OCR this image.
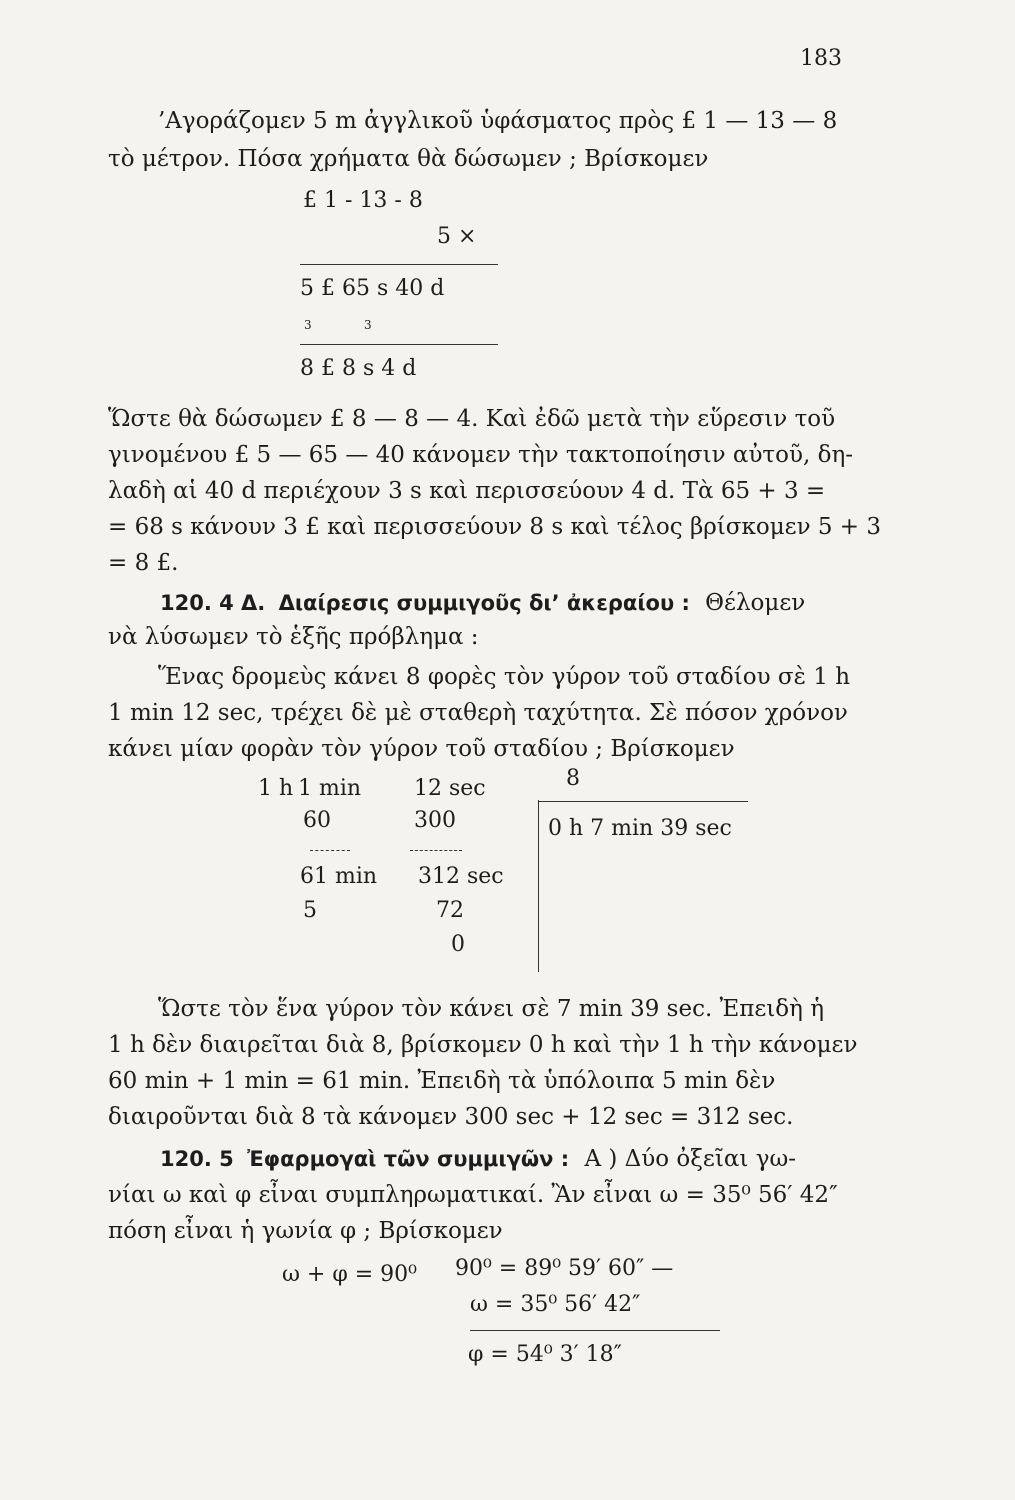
183
’Αγοράζομεν 5 m ἀγγλικοῦ ὑφάσματος πρὸς £ 1 — 13 — 8
τὸ μέτρον. Πόσα χρήματα θὰ δώσωμεν ; Βρίσκομεν
£ 1 - 13 - 8
5 ×
5 £ 65 s 40 d
3	3
8 £ 8 s 4 d
Ὥστε θὰ δώσωμεν £ 8 — 8 — 4. Καὶ ἐδῶ μετὰ τὴν εὕρεσιν τοῦ
γινομένου £ 5 — 65 — 40 κάνομεν τὴν τακτοποίησιν αὐτοῦ, δη-
λαδὴ αἱ 40 d περιέχουν 3 s καὶ περισσεύουν 4 d. Τὰ 65 + 3 =
= 68 s κάνουν 3 £ καὶ περισσεύουν 8 s καὶ τέλος βρίσκομεν 5 + 3
= 8 £.
120. 4 Δ. Διαίρεσις συμμιγοῦς δι’ ἀκεραίου : Θέλομεν
νὰ λύσωμεν τὸ ἑξῆς πρόβλημα :
Ἕνας δρομεὺς κάνει 8 φορὲς τὸν γύρον τοῦ σταδίου σὲ 1 h
1 min 12 sec, τρέχει δὲ μὲ σταθερὴ ταχύτητα. Σὲ πόσον χρόνον
κάνει μίαν φορὰν τὸν γύρον τοῦ σταδίου ; Βρίσκομεν
1 h 1 min 12 sec	8
60	300	0 h 7 min 39 sec
61 min 312 sec
5	72
0
Ὥστε τὸν ἕνα γύρον τὸν κάνει σὲ 7 min 39 sec. Ἐπειδὴ ἡ
1 h δὲν διαιρεῖται διὰ 8, βρίσκομεν 0 h καὶ τὴν 1 h τὴν κάνομεν
60 min + 1 min = 61 min. Ἐπειδὴ τὰ ὑπόλοιπα 5 min δὲν
διαιροῦνται διὰ 8 τὰ κάνομεν 300 sec + 12 sec = 312 sec.
120. 5 Ἐφαρμογαὶ τῶν συμμιγῶν : Α ) Δύο ὀξεῖαι γω-
νίαι ω καὶ φ εἶναι συμπληρωματικαί. Ἂν εἶναι ω = 35⁰ 56′ 42″
πόση εἶναι ἡ γωνία φ ; Βρίσκομεν
ω + φ = 90⁰ 90⁰ = 89⁰ 59′ 60″ —
ω = 35⁰ 56′ 42″
φ = 54⁰ 3′ 18″
